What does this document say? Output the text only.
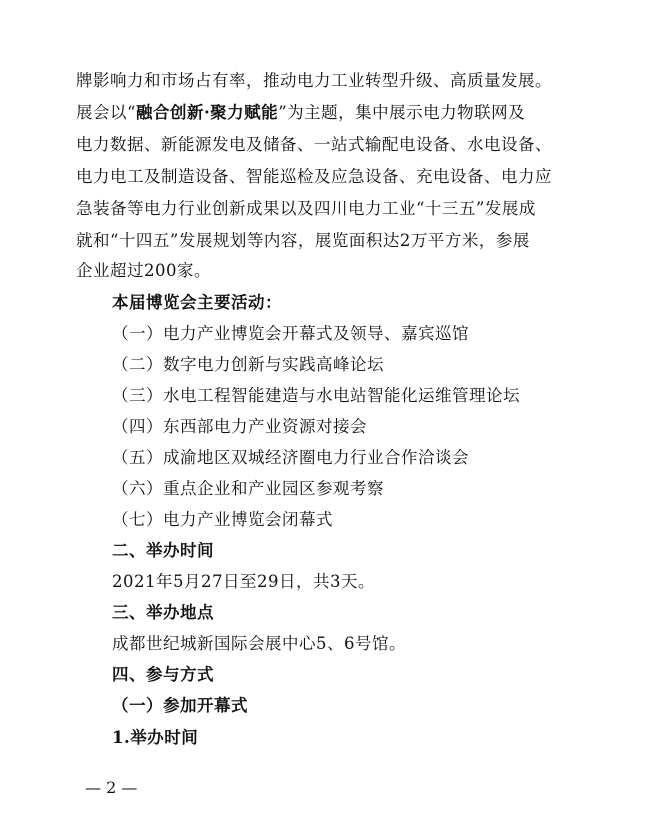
牌影响力和市场占有率，推动电力工业转型升级、高质量发展。
展会以“融合创新·聚力赋能”为主题，集中展示电力物联网及
电力数据、新能源发电及储备、一站式输配电设备、水电设备、
电力电工及制造设备、智能巡检及应急设备、充电设备、电力应
急装备等电力行业创新成果以及四川电力工业“十三五”发展成
就和“十四五”发展规划等内容，展览面积达2万平方米，参展
企业超过200家。
本届博览会主要活动：
（一）电力产业博览会开幕式及领导、嘉宾巡馆
（二）数字电力创新与实践高峰论坛
（三）水电工程智能建造与水电站智能化运维管理论坛
（四）东西部电力产业资源对接会
（五）成渝地区双城经济圈电力行业合作洽谈会
（六）重点企业和产业园区参观考察
（七）电力产业博览会闭幕式
二、举办时间
2021年5月27日至29日，共3天。
三、举办地点
成都世纪城新国际会展中心5、6号馆。
四、参与方式
（一）参加开幕式
1.举办时间
— 2 —
